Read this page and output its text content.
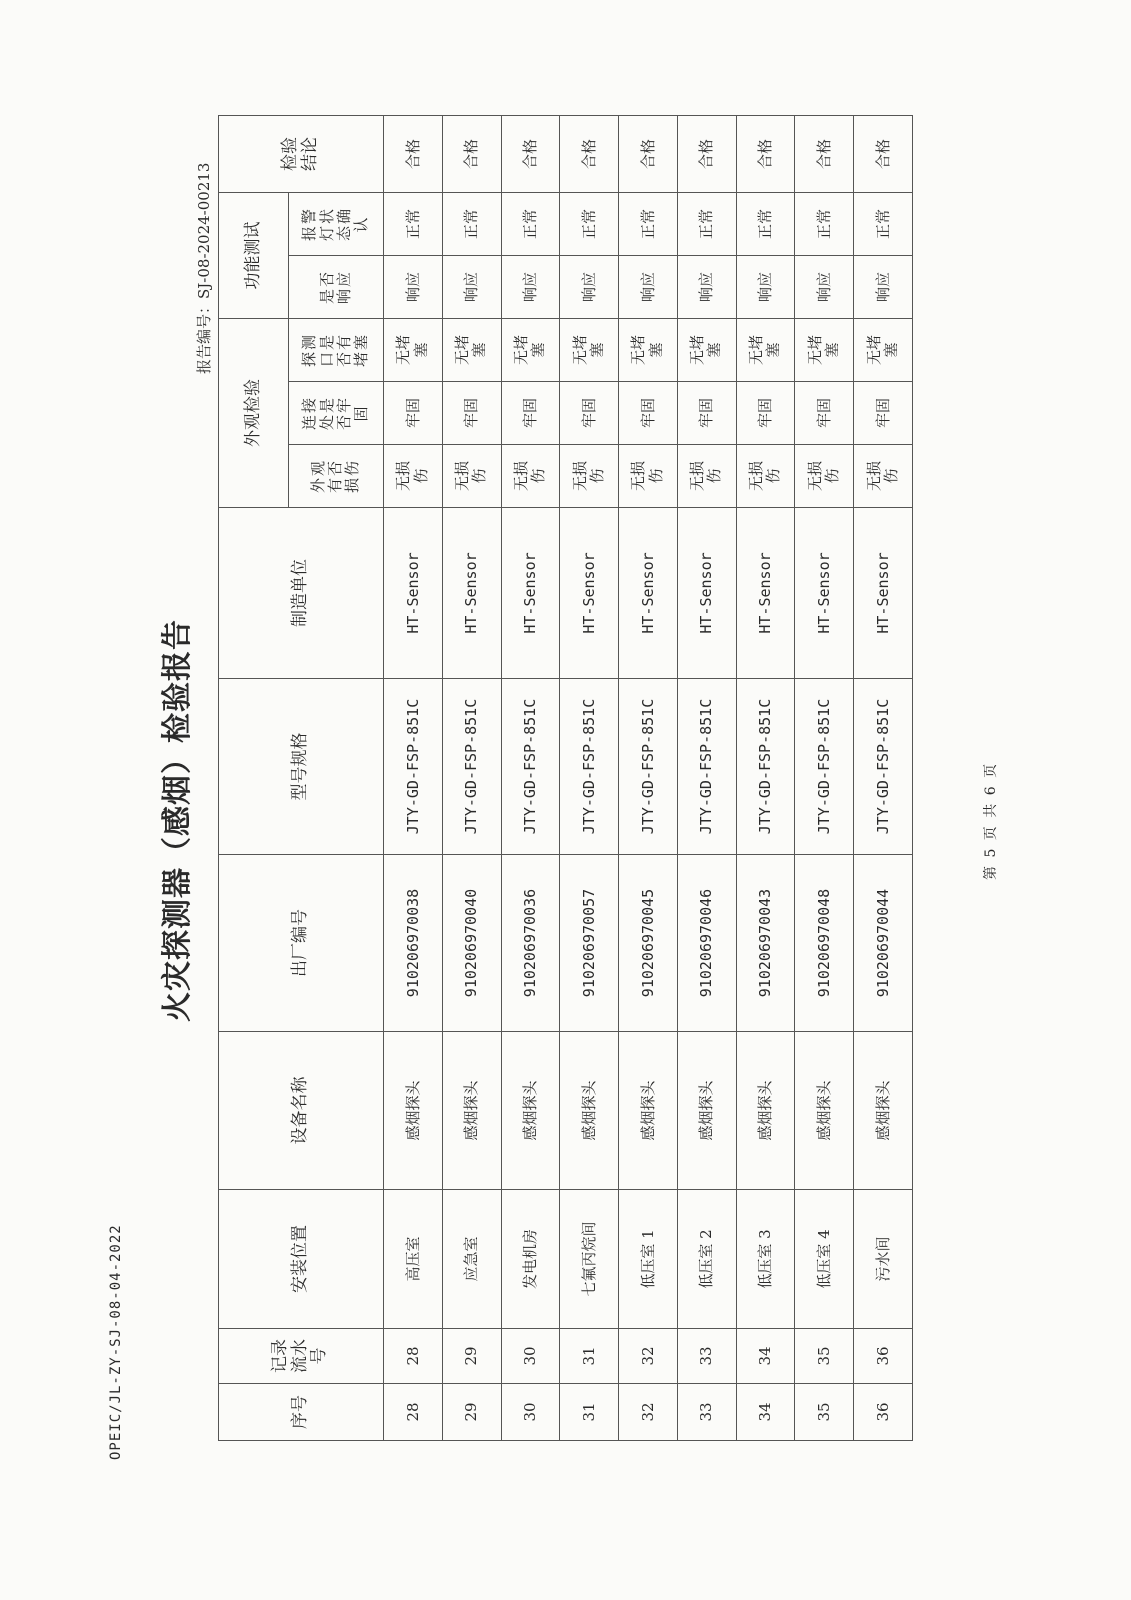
OPEIC/JL-ZY-SJ-08-04-2022
报告编号：SJ-08-2024-00213
火灾探测器（感烟）检验报告	第 5 页 共 6 页
序号	记录流水号	安装位置	设备名称	出厂编号	型号规格	制造单位	外观检验			功能测试		检验结论
							外观有否损伤	连接处是否牢固	探测口是否有堵塞	是否响应	报警灯状态确认	
28	28	高压室	感烟探头	91020697003​8	JTY-GD-FSP-851C	HT-Sensor	无损伤	牢固	无堵塞	响应	正常	合格
29	29	应急室	感烟探头	910206970040	JTY-GD-FSP-851C	HT-Sensor	无损伤	牢固	无堵塞	响应	正常	合格
30	30	发电机房	感烟探头	910206970036	JTY-GD-FSP-851C	HT-Sensor	无损伤	牢固	无堵塞	响应	正常	合格
31	31	七氟丙烷间	感烟探头	910206970057	JTY-GD-FSP-851C	HT-Sensor	无损伤	牢固	无堵塞	响应	正常	合格
32	32	低压室 1	感烟探头	910206970045	JTY-GD-FSP-851C	HT-Sensor	无损伤	牢固	无堵塞	响应	正常	合格
33	33	低压室 2	感烟探头	910206970046	JTY-GD-FSP-851C	HT-Sensor	无损伤	牢固	无堵塞	响应	正常	合格
34	34	低压室 3	感烟探头	910206970043	JTY-GD-FSP-851C	HT-Sensor	无损伤	牢固	无堵塞	响应	正常	合格
35	35	低压室 4	感烟探头	910206970048	JTY-GD-FSP-851C	HT-Sensor	无损伤	牢固	无堵塞	响应	正常	合格
36	36	污水间	感烟探头	910206970044	JTY-GD-FSP-851C	HT-Sensor	无损伤	牢固	无堵塞	响应	正常	合格
